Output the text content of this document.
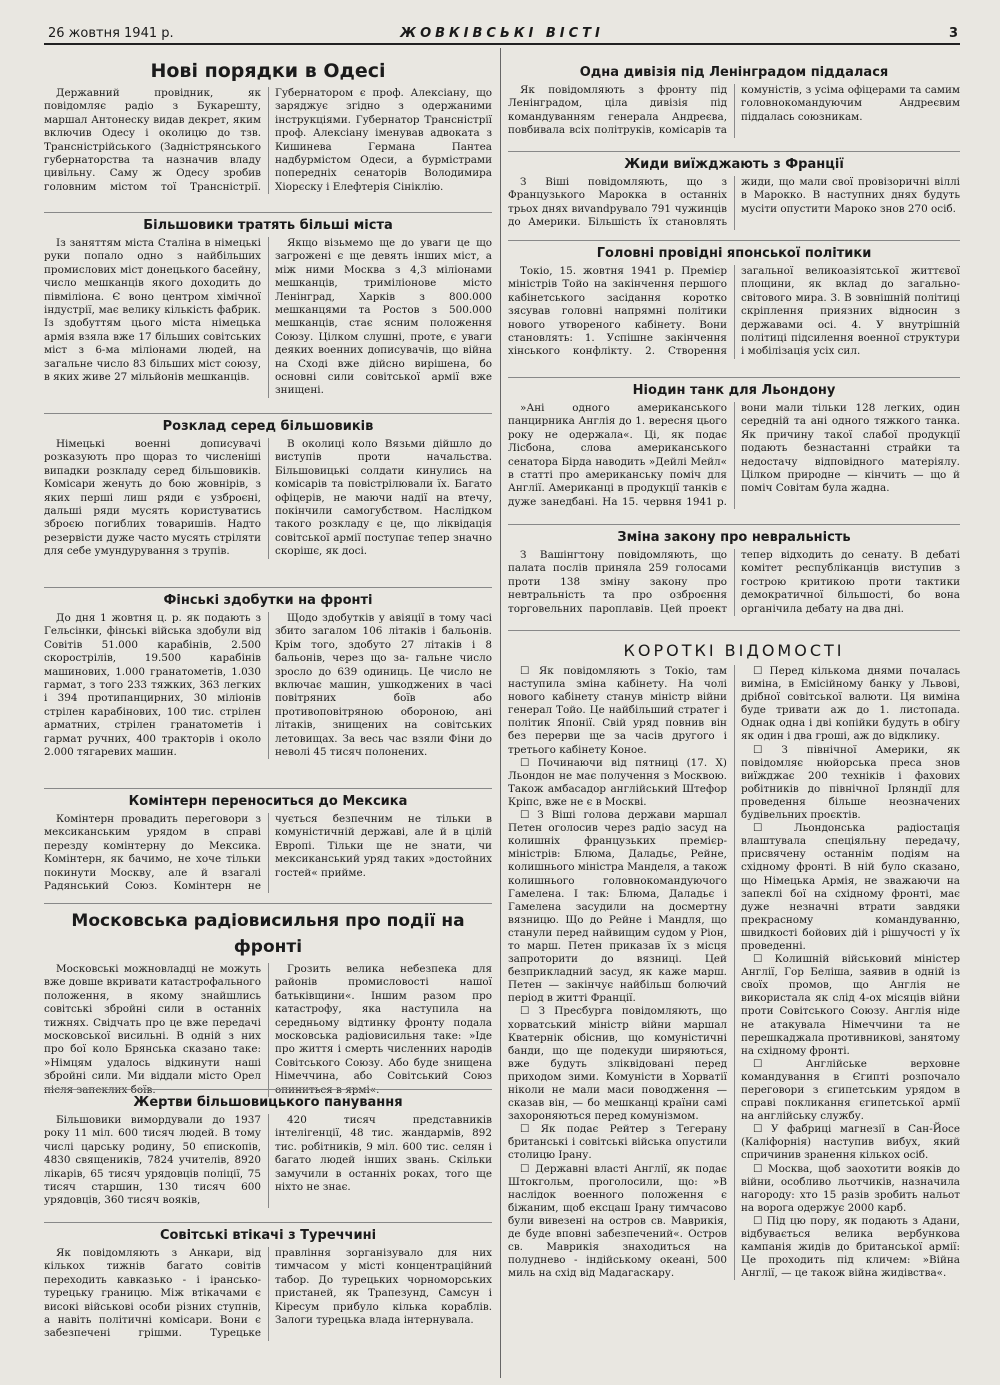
26 жовтня 1941 р.	ЖОВКІВСЬКІ ВІСТІ	3
Нові порядки в Одесі

Державний провідник, як повідомляє радіо з Букарешту, маршал Антонеску видав декрет, яким включив Одесу і околицю до тзв. Трансністрійського (Задністрянського губернаторства та назначив владу цивільну. Саму ж Одесу зробив головним містом тої Трансністрії. Губернатором є проф. Алексіану, що заряджує згідно з одержаними інструкціями. Губернатор Трансністрії проф. Алексіану іменував адвоката з Кишинева Германа Пантеа надбурмістом Одеси, а бурмістрами попередніх сенаторів Володимира Хіорєску і Елефтерія Сініклію.

Більшовики тратять більші міста

Із заняттям міста Сталіна в німецькі руки попало одно з найбільших промислових міст донецького басейну, число мешканців якого доходить до півміліона. Є воно центром хімічної індустрії, має велику кількість фабрик. Із здобуттям цього міста німецька армія взяла вже 17 більших совітських міст з 6-ма міліонами людей, на загальне число 83 більших міст союзу, в яких живе 27 мільйонів мешканців.

Якщо візьмемо ще до уваги це що загрожені є ще девять інших міст, а між ними Москва з 4,3 міліонами мешканців, триміліонове місто Ленінград, Харків з 800.000 мешканцями та Ростов з 500.000 мешканців, стає ясним положення Союзу. Цілком слушні, проте, є уваги деяких военних дописувачів, що війна на Сході вже дійсно вирішена, бо основні сили совітської армії вже знищені.

Розклад серед більшовиків

Німецькі военні дописувачі розказують про щораз то численіші випадки розкладу серед більшовиків. Комісари женуть до бою жовнірів, з яких перші лиш ряди є узброєні, дальші ряди мусять користуватись зброєю погиблих товаришів. Надто резервісти дуже часто мусять стріляти для себе умундурування з трупів.

В околиці коло Вязьми дійшло до виступів проти начальства. Більшовицькі солдати кинулись на комісарів та повістрілювали їх. Багато офіцерів, не маючи надії на втечу, покінчили самогубством. Наслідком такого розкладу є це, що ліквідація совітської армії поступає тепер значно скорішє, як досі.

Фінські здобутки на фронті

До дня 1 жовтня ц. р. як подають з Гельсінки, фінські війська здобули від Совітів 51.000 карабінів, 2.500 скорострілів, 19.500 карабінів машинових, 1.000 гранатометів, 1.030 гармат, з того 233 тяжких, 363 легких і 394 протипанцирних, 30 міліонів стрілен карабінових, 100 тис. стрілен арматних, стрілен гранатометів і гармат ручних, 400 тракторів і около 2.000 тягаревих машин.

Щодо здобутків у авіяції в тому часі збито загалом 106 літаків і бальонів. Крім того, здобуто 27 літаків і 8 бальонів, через що за- гальне число зросло до 639 одиниць. Це число не включає машин, ушкоджених в часі повітряних боїв або противоповітряною обороною, ані літаків, знищених на совітських летовищах. За весь час взяли Фіни до неволі 45 тисяч полонених.

Комінтерн переноситься до Мексика

Комінтерн провадить переговори з мексиканським урядом в справі перезду комінтерну до Мексика. Комінтерн, як бачимо, не хоче тільки покинути Москву, але й взагалі Радянський Союз. Комінтерн не чується безпечним не тільки в комуністичній державі, але й в цілій Европі. Тільки ще не знати, чи мексиканський уряд таких »достойних гостей« прийме.

Московська радіовисильня про події на фронті

Московські можновладці не можуть вже довше вкривати катастрофального положення, в якому знайшлись совітські збройні сили в останніх тижнях. Свідчать про це вже передачі московської висильні. В одній з них про бої коло Брянська сказано таке: »Німцям удалось відкинути наші збройні сили. Ми віддали місто Орел після запеклих боїв.

Грозить велика небезпека для районів промисловості нашої батьківщини«. Іншим разом про катастрофу, яка наступила на середньому відтинку фронту подала московська радіовисильня таке: »Іде про життя і смерть численних народів Совітського Союзу. Або буде знищена Німеччина, або Совітський Союз опиниться в ярмі«.

Жертви більшовицького панування

Більшовики вимордували до 1937 року 11 міл. 600 тисяч людей. В тому числі царську родину, 50 єпископів, 4830 священиків, 7824 учителів, 8920 лікарів, 65 тисяч урядовців поліції, 75 тисяч старшин, 130 тисяч 600 урядовців, 360 тисяч вояків,

420 тисяч представників інтелігенції, 48 тис. жандармів, 892 тис. робітників, 9 міл. 600 тис. селян і багато людей інших звань. Скільки замучили в останніх роках, того ще ніхто не знає.

Совітські втікачі з Туреччині

Як повідомляють з Анкари, від кількох тижнів багато совітів переходить кавказько - і ірансько-турецьку границю. Між втікачами є високі військові особи різних ступнів, а навіть політичні комісари. Вони є забезпечені грішми. Турецьке правління зорганізувало для них тимчасом у місті концентраційний табор. До турецьких чорноморських пристаней, як Трапезунд, Самсун і Кіресум прибуло кілька кораблів. Залоги турецька влада інтернувала.

Одна дивізія під Ленінградом піддалася

Як повідомляють з фронту під Ленінградом, ціла дивізія під командуванням генерала Андреєва, повбивала всіх політруків, комісарів та комуністів, з усіма офіцерами та самим головнокомандуючим Андреєвим піддалась союзникам.

Жиди виїжджають з Франції

З Віші повідомляють, що з Французького Марокка в останніх трьох днях виvandрувало 791 чужинців до Америки. Більшість їх становлять жиди, що мали свої провізоричні віллі в Марокко. В наступних днях будуть мусіти опустити Мароко знов 270 осіб.

Головні провідні японської політики

Токіо, 15. жовтня 1941 р. Премієр міністрів Тойо на закінчення першого кабінетського засідання коротко зясував головні напрямні політики нового утвореного кабінету. Вони становлять: 1. Успішне закінчення хінського конфлікту. 2. Створення загальної великоазіятської життєвої площини, як вклад до загально-світового мира. 3. В зовнішній політиці скріплення приязних відносин з державами осі. 4. У внутрішній політиці підсилення военної структури і мобілізація усіх сил.

Ніодин танк для Льондону

»Ані одного американського панцирника Англія до 1. вересня цього року не одержала«. Ці, як подає Лісбона, слова американського сенатора Бірда наводить »Дейлі Мейл« в статті про американську поміч для Англії. Американці в продукції танків є дуже занедбані. На 15. червня 1941 р. вони мали тільки 128 легких, один середній та ані одного тяжкого танка. Як причину такої слабої продукції подають безнастанні страйки та недостачу відповідного матеріялу. Цілком природне — кінчить — що й поміч Совітам була жадна.

Зміна закону про невральність

З Вашінгтону повідомляють, що палата послів приняла 259 голосами проти 138 зміну закону про невтральність та про озброєння торговельних пароплавів. Цей проект тепер відходить до сенату. В дебаті комітет республіканців виступив з гострою критикою проти тактики демократичної більшості, бо вона органічила дебату на два дні.

КОРОТКІ ВІДОМОСТІ

☐ Як повідомляють з Токіо, там наступила зміна кабінету. На чолі нового кабінету станув міністр війни генерал Тойо. Це найбільший стратег і політик Японії. Свій уряд повнив він без перерви ще за часів другого і третього кабінету Коное.

☐ Починаючи від пятниці (17. X) Льондон не має получення з Москвою. Також амбасадор англійський Штефор Кріпс, вже не є в Москві.

☐ З Віші голова держави маршал Петен оголосив через радіо засуд на колишніх французьких премієр-міністрів: Блюма, Даладьє, Рейне, колишнього міністра Манделя, а також колишнього головнокомандуючого Гамелена. І так: Блюма, Даладьє і Гамелена засудили на досмертну вязницю. Що до Рейне і Мандля, що станули перед найвищим судом у Ріон, то марш. Петен приказав їх з місця запроторити до вязниці. Цей безприкладний засуд, як каже марш. Петен — закінчує найбільш болючий період в житті Франції.

☐ З Пресбурга повідомляють, що хорватський міністр війни маршал Кватернік обіснив, що комуністичні банди, що ще подекуди ширяються, вже будуть зліквідовані перед приходом зими. Комуністи в Хорватії ніколи не мали маси поводження — сказав він, — бо мешканці країни самі захороняються перед комунізмом.

☐ Як подає Рейтер з Тегерану британські і совітські війська опустили столицю Ірану.

☐ Державні власті Англії, як подає Штокгольм, проголосили, що: »В наслідок военного положення є біжаним, щоб ексцаш Ірану тимчасово були вивезені на остров св. Маврикія, де буде вповні забезпечений«. Остров св. Маврикія знаходиться на полуднево - індійському океані, 500 миль на схід від Мадагаскару.

☐ Перед кількома днями почалась виміна, в Емісійному банку у Львові, дрібної совітської валюти. Ця виміна буде тривати аж до 1. листопада. Однак одна і дві копійки будуть в обігу як один і два гроші, аж до відклику.

☐ З північної Америки, як повідомляє нюйорська преса знов виїжджає 200 техніків і фахових робітників до північної Ірляндії для проведення більше неозначених будівельних проєктів.

☐ Льондонська радіостація влаштувала спеціяльну передачу, присвячену останнім подіям на східному фронті. В ній було сказано, що Німецька Армія, не зважаючи на запеклі бої на східному фронті, має дуже незначні втрати завдяки прекрасному командуванню, швидкості бойових дій і рішучості у їх проведенні.

☐ Колишній військовий міністер Англії, Гор Беліша, заявив в одній із своїх промов, що Англія не використала як слід 4-ох місяців війни проти Совітського Союзу. Англія ніде не атакувала Німеччини та не перешкаджала противникові, занятому на східному фронті.

☐ Англійське верховне командування в Єгипті розпочало переговори з єгипетським урядом в справі покликання єгипетської армії на англійську службу.

☐ У фабриці магнезії в Сан-Йосе (Каліфорнія) наступив вибух, який спричинив зранення кількох осіб.

☐ Москва, щоб заохотити вояків до війни, особливо льотчиків, назначила нагороду: хто 15 разів зробить нальот на ворога одержує 2000 карб.

☐ Під цю пору, як подають з Адани, відбувається велика вербункова кампанія жидів до британської армії: Це проходить під кличем: »Війна Англії, — це також війна жидівства«.
